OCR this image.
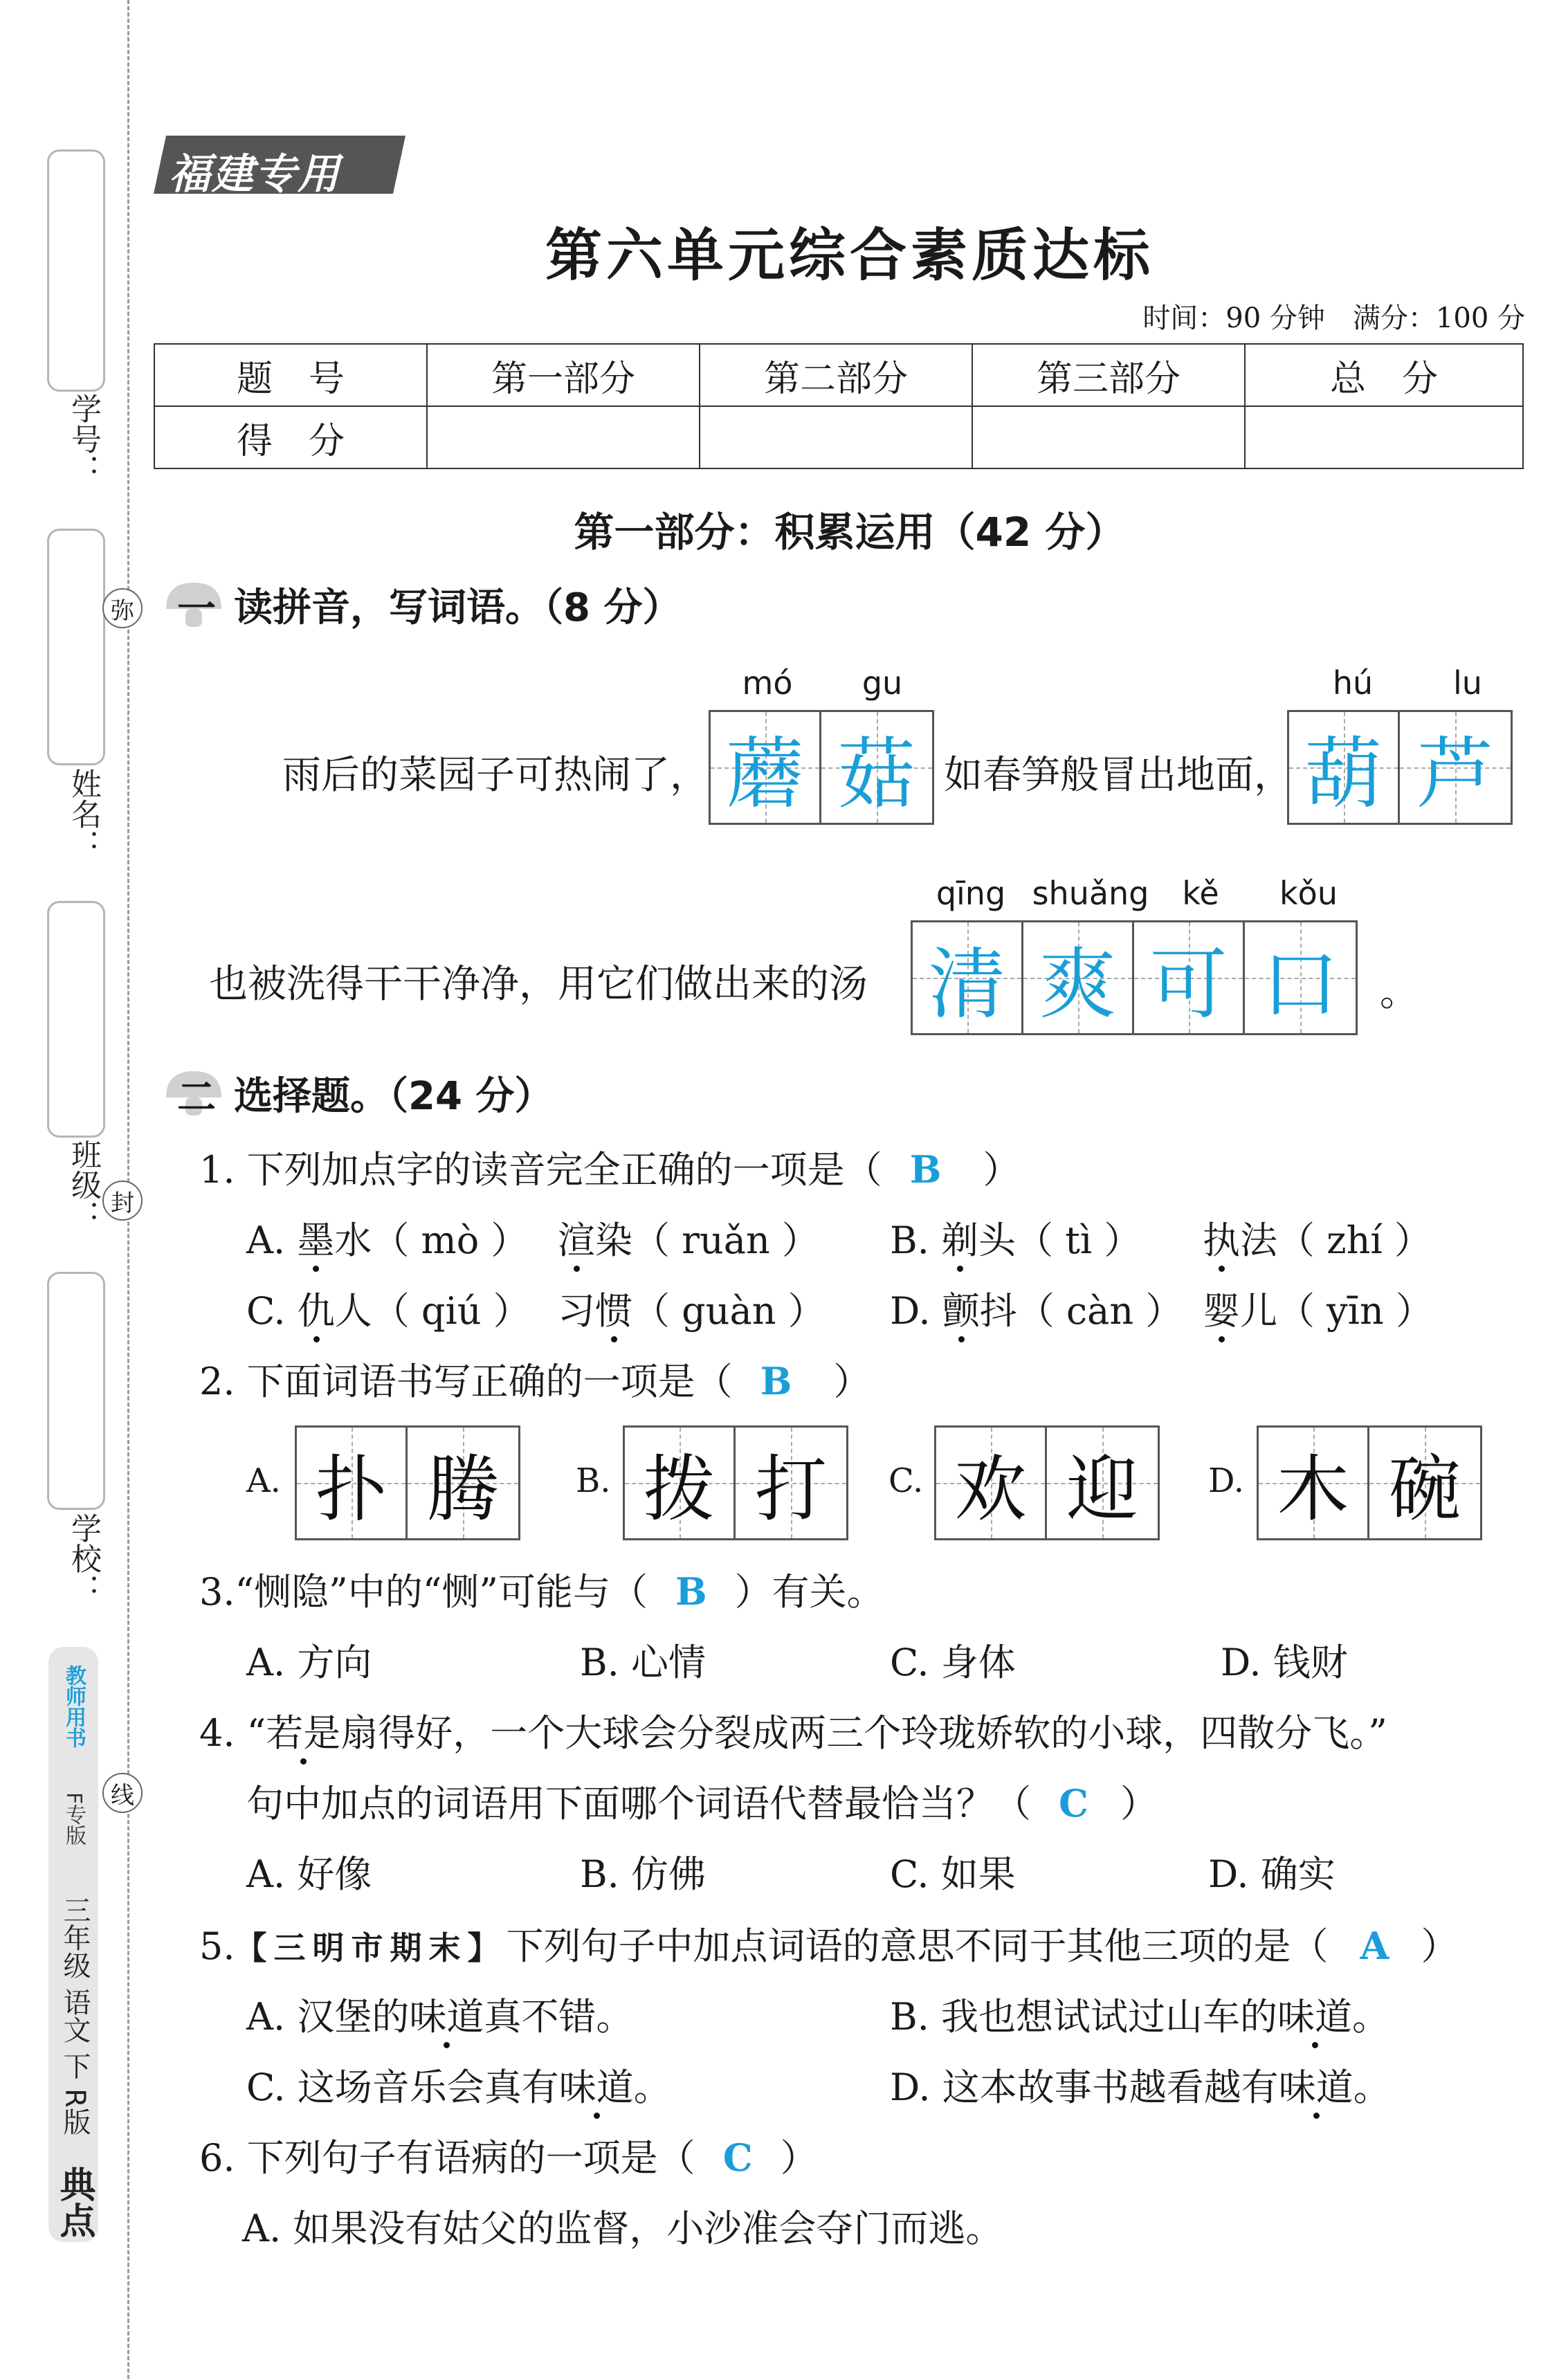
学号：
姓名：
班级：
学校：
弥
封
线
教师用书
F专版
三年级 语文 下 R版
典点
福建专用
第六单元综合素质达标
时间：90 分钟　满分：100 分
题　号	第一部分	第二部分	第三部分	总　分
得　分				
第一部分：积累运用（42 分）
一 读拼音，写词语。（8 分）
mó	gu	hú	lu
雨后的菜园子可热闹了， 蘑 菇 如春笋般冒出地面， 葫 芦
qīng shuǎng	kě	kǒu
也被洗得干干净净，用它们做出来的汤 清 爽 可 口 。
二 选择题。（24 分）
1. 下列加点字的读音完全正确的一项是（ B ）
A. 墨水（ mò ） 渲染（ ruǎn ） B. 剃头（ tì ） 执法（ zhí ）
C. 仇人（ qiú ） 习惯（ guàn ） D. 颤抖（ càn ） 婴儿（ yīn ）
2. 下面词语书写正确的一项是（ B ）
A. 扑 腾 B. 拨 打 C. 欢 迎 D. 木 碗
3.“恻隐”中的“恻”可能与（ B ）有关。
A. 方向	B. 心情	C. 身体	D. 钱财
4. “若是扇得好，一个大球会分裂成两三个玲珑娇软的小球，四散分飞。”
句中加点的词语用下面哪个词语代替最恰当？（ C ）
A. 好像	B. 仿佛	C. 如果	D. 确实
5.【三明市期末】下列句子中加点词语的意思不同于其他三项的是（ A ）
A. 汉堡的味道真不错。	B. 我也想试试过山车的味道。
C. 这场音乐会真有味道。	D. 这本故事书越看越有味道。
6. 下列句子有语病的一项是（ C ）
A. 如果没有姑父的监督，小沙准会夺门而逃。
